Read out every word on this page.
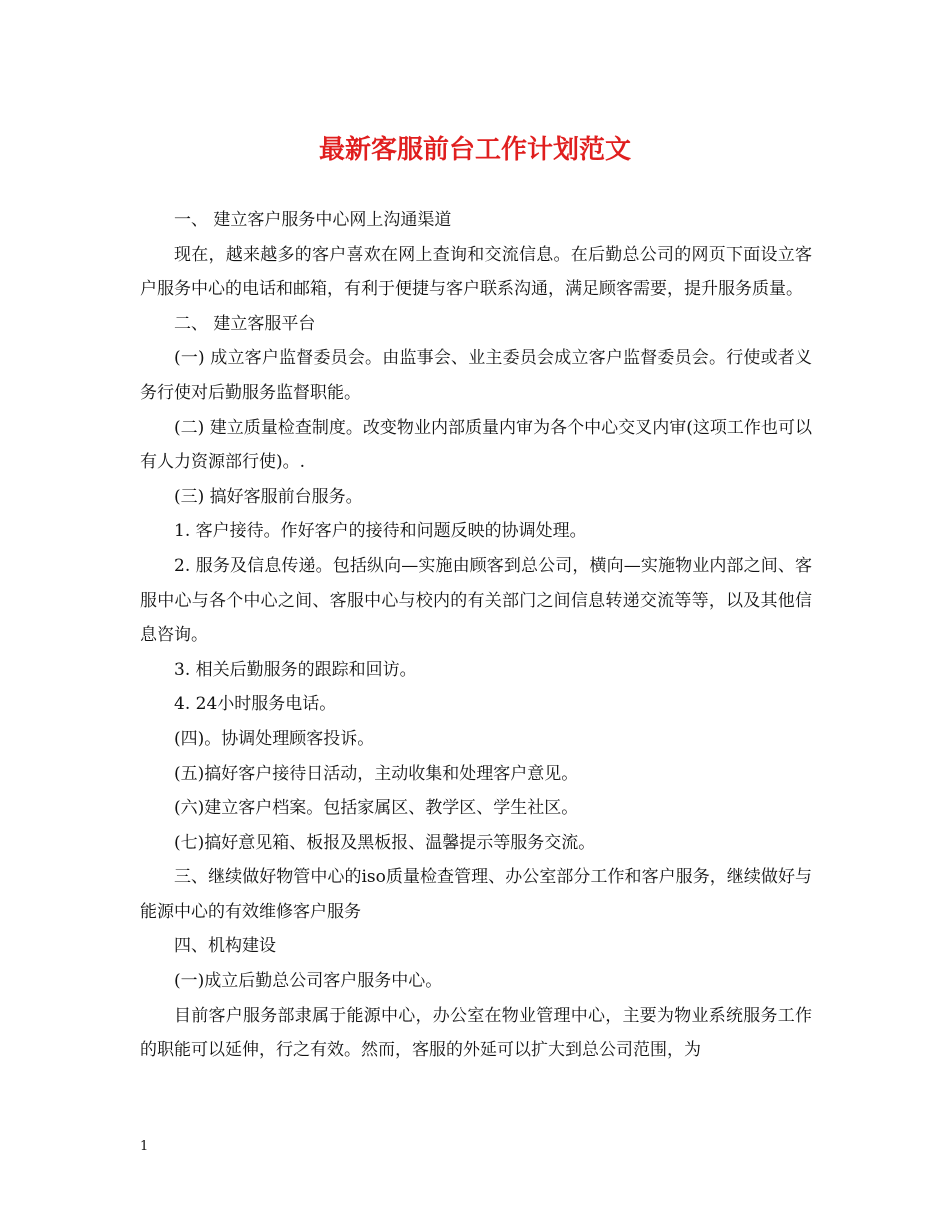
最新客服前台工作计划范文

一、 建立客户服务中心网上沟通渠道

现在，越来越多的客户喜欢在网上查询和交流信息。在后勤总公司的网页下面设立客户服务中心的电话和邮箱，有利于便捷与客户联系沟通，满足顾客需要，提升服务质量。

二、 建立客服平台

(一) 成立客户监督委员会。由监事会、业主委员会成立客户监督委员会。行使或者义务行使对后勤服务监督职能。

(二) 建立质量检查制度。改变物业内部质量内审为各个中心交叉内审(这项工作也可以有人力资源部行使)。.

(三) 搞好客服前台服务。

1. 客户接待。作好客户的接待和问题反映的协调处理。

2. 服务及信息传递。包括纵向—实施由顾客到总公司，横向—实施物业内部之间、客服中心与各个中心之间、客服中心与校内的有关部门之间信息转递交流等等，以及其他信息咨询。

3. 相关后勤服务的跟踪和回访。

4. 24小时服务电话。

(四)。协调处理顾客投诉。

(五)搞好客户接待日活动，主动收集和处理客户意见。

(六)建立客户档案。包括家属区、教学区、学生社区。

(七)搞好意见箱、板报及黑板报、温馨提示等服务交流。

三、继续做好物管中心的iso质量检查管理、办公室部分工作和客户服务，继续做好与能源中心的有效维修客户服务

四、机构建设

(一)成立后勤总公司客户服务中心。

目前客户服务部隶属于能源中心，办公室在物业管理中心，主要为物业系统服务工作的职能可以延伸，行之有效。然而，客服的外延可以扩大到总公司范围，为

1
